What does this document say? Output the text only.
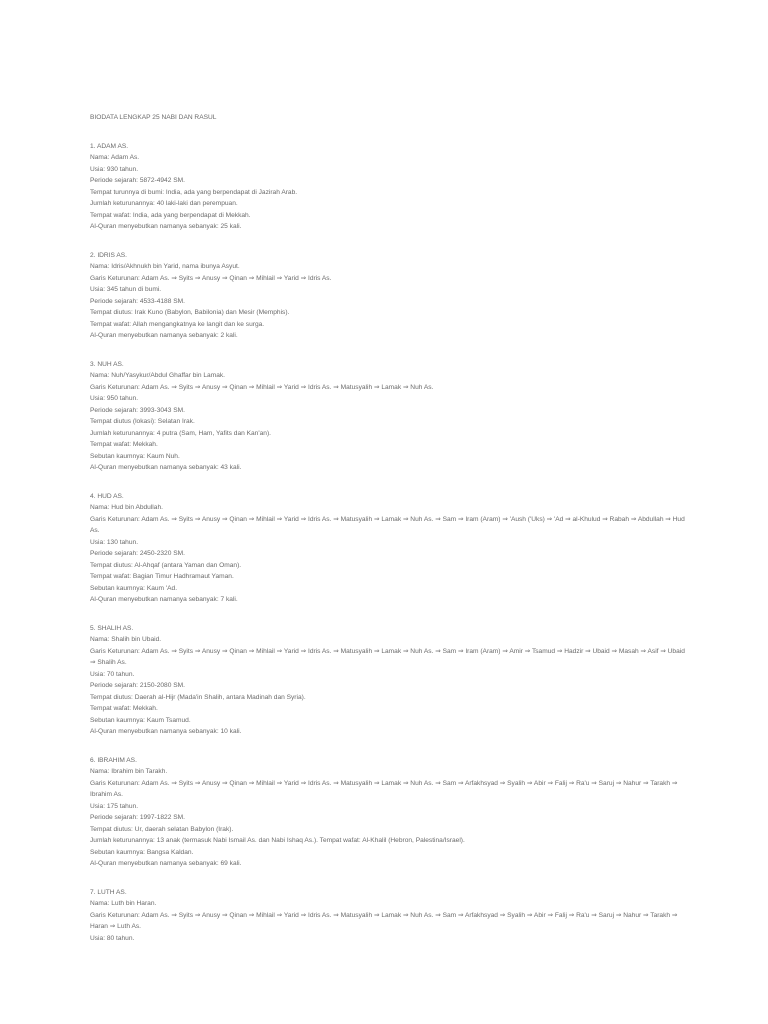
BIODATA LENGKAP 25 NABI DAN RASUL
1. ADAM AS.
Nama: Adam As.
Usia: 930 tahun.
Periode sejarah: 5872-4942 SM.
Tempat turunnya di bumi: India, ada yang berpendapat di Jazirah Arab.
Jumlah keturunannya: 40 laki-laki dan perempuan.
Tempat wafat: India, ada yang berpendapat di Mekkah.
Al-Quran menyebutkan namanya sebanyak: 25 kali.
2. IDRIS AS.
Nama: Idris/Akhnukh bin Yarid, nama ibunya Asyut.
Garis Keturunan: Adam As. ⇒ Syits ⇒ Anusy ⇒ Qinan ⇒ Mihlail ⇒ Yarid ⇒ Idris As.
Usia: 345 tahun di bumi.
Periode sejarah: 4533-4188 SM.
Tempat diutus: Irak Kuno (Babylon, Babilonia) dan Mesir (Memphis).
Tempat wafat: Allah mengangkatnya ke langit dan ke surga.
Al-Quran menyebutkan namanya sebanyak: 2 kali.
3. NUH AS.
Nama: Nuh/Yasykur/Abdul Ghaffar bin Lamak.
Garis Keturunan: Adam As. ⇒ Syits ⇒ Anusy ⇒ Qinan ⇒ Mihlail ⇒ Yarid ⇒ Idris As. ⇒ Matusyalih ⇒ Lamak ⇒ Nuh As.
Usia: 950 tahun.
Periode sejarah: 3993-3043 SM.
Tempat diutus (lokasi): Selatan Irak.
Jumlah keturunannya: 4 putra (Sam, Ham, Yafits dan Kan'an).
Tempat wafat: Mekkah.
Sebutan kaumnya: Kaum Nuh.
Al-Quran menyebutkan namanya sebanyak: 43 kali.
4. HUD AS.
Nama: Hud bin Abdullah.
Garis Keturunan: Adam As. ⇒ Syits ⇒ Anusy ⇒ Qinan ⇒ Mihlail ⇒ Yarid ⇒ Idris As. ⇒ Matusyalih ⇒ Lamak ⇒ Nuh As. ⇒ Sam ⇒ Iram (Aram) ⇒ 'Aush ('Uks) ⇒ 'Ad ⇒ al-Khulud ⇒ Rabah ⇒ Abdullah ⇒ Hud As.
Usia: 130 tahun.
Periode sejarah: 2450-2320 SM.
Tempat diutus: Al-Ahqaf (antara Yaman dan Oman).
Tempat wafat: Bagian Timur Hadhramaut Yaman.
Sebutan kaumnya: Kaum 'Ad.
Al-Quran menyebutkan namanya sebanyak: 7 kali.
5. SHALIH AS.
Nama: Shalih bin Ubaid.
Garis Keturunan: Adam As. ⇒ Syits ⇒ Anusy ⇒ Qinan ⇒ Mihlail ⇒ Yarid ⇒ Idris As. ⇒ Matusyalih ⇒ Lamak ⇒ Nuh As. ⇒ Sam ⇒ Iram (Aram) ⇒ Amir ⇒ Tsamud ⇒ Hadzir ⇒ Ubaid ⇒ Masah ⇒ Asif ⇒ Ubaid ⇒ Shalih As.
Usia: 70 tahun.
Periode sejarah: 2150-2080 SM.
Tempat diutus: Daerah al-Hijr (Mada'in Shalih, antara Madinah dan Syria).
Tempat wafat: Mekkah.
Sebutan kaumnya: Kaum Tsamud.
Al-Quran menyebutkan namanya sebanyak: 10 kali.
6. IBRAHIM AS.
Nama: Ibrahim bin Tarakh.
Garis Keturunan: Adam As. ⇒ Syits ⇒ Anusy ⇒ Qinan ⇒ Mihlail ⇒ Yarid ⇒ Idris As. ⇒ Matusyalih ⇒ Lamak ⇒ Nuh As. ⇒ Sam ⇒ Arfakhsyad ⇒ Syalih ⇒ Abir ⇒ Falij ⇒ Ra'u ⇒ Saruj ⇒ Nahur ⇒ Tarakh ⇒ Ibrahim As.
Usia: 175 tahun.
Periode sejarah: 1997-1822 SM.
Tempat diutus: Ur, daerah selatan Babylon (Irak).
Jumlah keturunannya: 13 anak (termasuk Nabi Ismail As. dan Nabi Ishaq As.). Tempat wafat: Al-Khalil (Hebron, Palestina/Israel).
Sebutan kaumnya: Bangsa Kaldan.
Al-Quran menyebutkan namanya sebanyak: 69 kali.
7. LUTH AS.
Nama: Luth bin Haran.
Garis Keturunan: Adam As. ⇒ Syits ⇒ Anusy ⇒ Qinan ⇒ Mihlail ⇒ Yarid ⇒ Idris As. ⇒ Matusyalih ⇒ Lamak ⇒ Nuh As. ⇒ Sam ⇒ Arfakhsyad ⇒ Syalih ⇒ Abir ⇒ Falij ⇒ Ra'u ⇒ Saruj ⇒ Nahur ⇒ Tarakh ⇒ Haran ⇒ Luth As.
Usia: 80 tahun.
